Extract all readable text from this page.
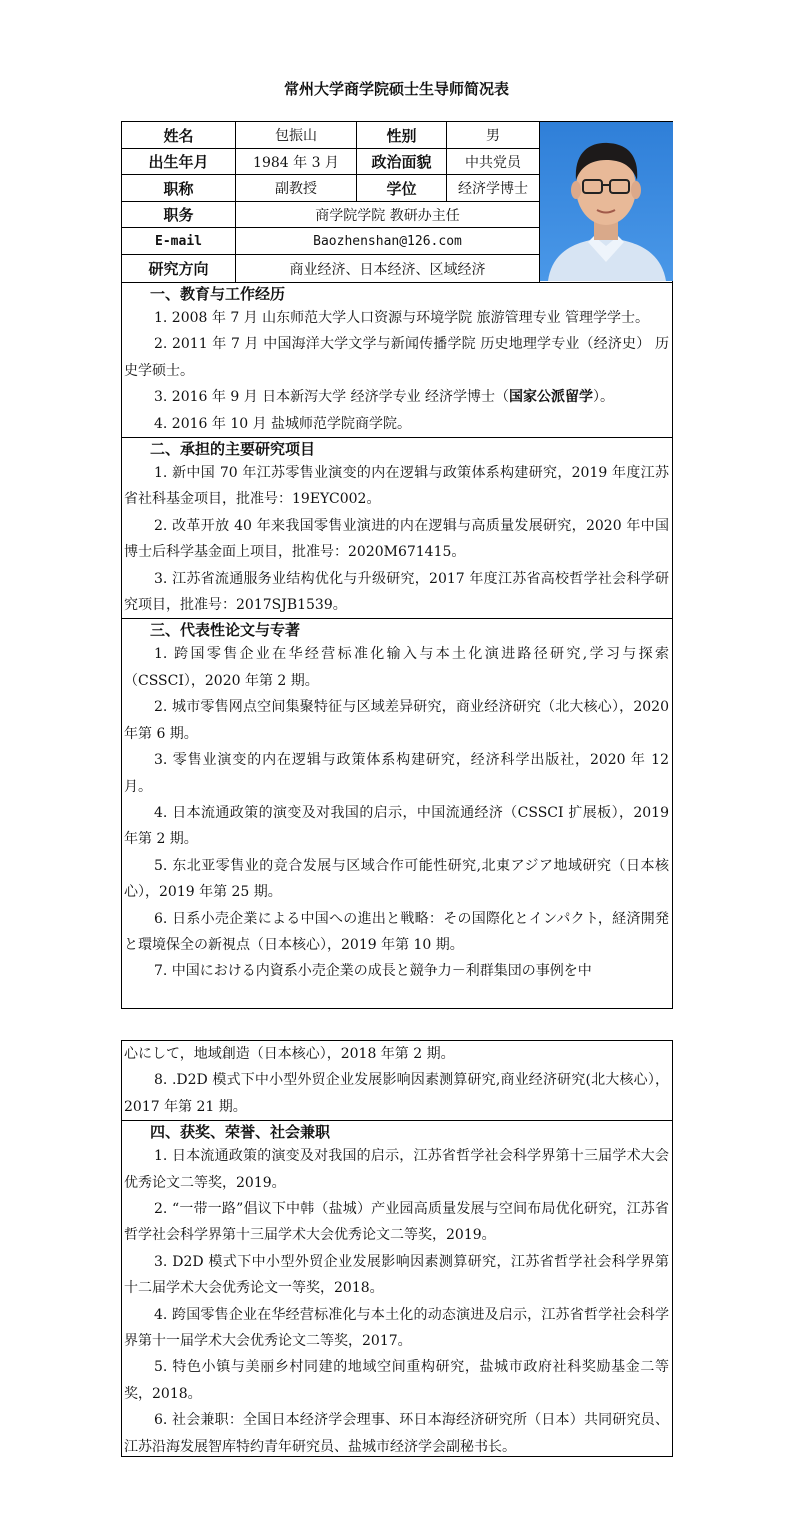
常州大学商学院硕士生导师简况表
姓名	包振山	性别	男
出生年月	1984 年 3 月	政治面貌	中共党员
职称	副教授	学位	经济学博士
职务	商学院学院 教研办主任
E-mail	Baozhenshan@126.com
研究方向	商业经济、日本经济、区域经济
一、教育与工作经历
1. 2008 年 7 月 山东师范大学人口资源与环境学院 旅游管理专业 管理学学士。
2. 2011 年 7 月 中国海洋大学文学与新闻传播学院 历史地理学专业（经济史） 历史学硕士。
3. 2016 年 9 月 日本新泻大学 经济学专业 经济学博士（国家公派留学）。
4. 2016 年 10 月 盐城师范学院商学院。
二、承担的主要研究项目
1. 新中国 70 年江苏零售业演变的内在逻辑与政策体系构建研究，2019 年度江苏省社科基金项目，批准号：19EYC002。
2. 改革开放 40 年来我国零售业演进的内在逻辑与高质量发展研究，2020 年中国博士后科学基金面上项目，批准号：2020M671415。
3. 江苏省流通服务业结构优化与升级研究，2017 年度江苏省高校哲学社会科学研究项目，批准号：2017SJB1539。
三、代表性论文与专著
1. 跨国零售企业在华经营标准化输入与本土化演进路径研究,学习与探索（CSSCI），2020 年第 2 期。
2. 城市零售网点空间集聚特征与区域差异研究，商业经济研究（北大核心），2020 年第 6 期。
3. 零售业演变的内在逻辑与政策体系构建研究，经济科学出版社，2020 年 12 月。
4. 日本流通政策的演变及对我国的启示，中国流通经济（CSSCI 扩展板），2019 年第 2 期。
5. 东北亚零售业的竞合发展与区域合作可能性研究,北東アジア地域研究（日本核心），2019 年第 25 期。
6. 日系小売企業による中国への進出と戦略：その国際化とインパクト，経済開発と環境保全の新視点（日本核心），2019 年第 10 期。
7. 中国における内資系小売企業の成長と競争力－利群集団の事例を中
心にして，地域創造（日本核心），2018 年第 2 期。
8. .D2D 模式下中小型外贸企业发展影响因素测算研究,商业经济研究(北大核心），2017 年第 21 期。
四、获奖、荣誉、社会兼职
1. 日本流通政策的演变及对我国的启示，江苏省哲学社会科学界第十三届学术大会优秀论文二等奖，2019。
2. “一带一路”倡议下中韩（盐城）产业园高质量发展与空间布局优化研究，江苏省哲学社会科学界第十三届学术大会优秀论文二等奖，2019。
3. D2D 模式下中小型外贸企业发展影响因素测算研究，江苏省哲学社会科学界第十二届学术大会优秀论文一等奖，2018。
4. 跨国零售企业在华经营标准化与本土化的动态演进及启示，江苏省哲学社会科学界第十一届学术大会优秀论文二等奖，2017。
5. 特色小镇与美丽乡村同建的地域空间重构研究，盐城市政府社科奖励基金二等奖，2018。
6. 社会兼职：全国日本经济学会理事、环日本海经济研究所（日本）共同研究员、江苏沿海发展智库特约青年研究员、盐城市经济学会副秘书长。
